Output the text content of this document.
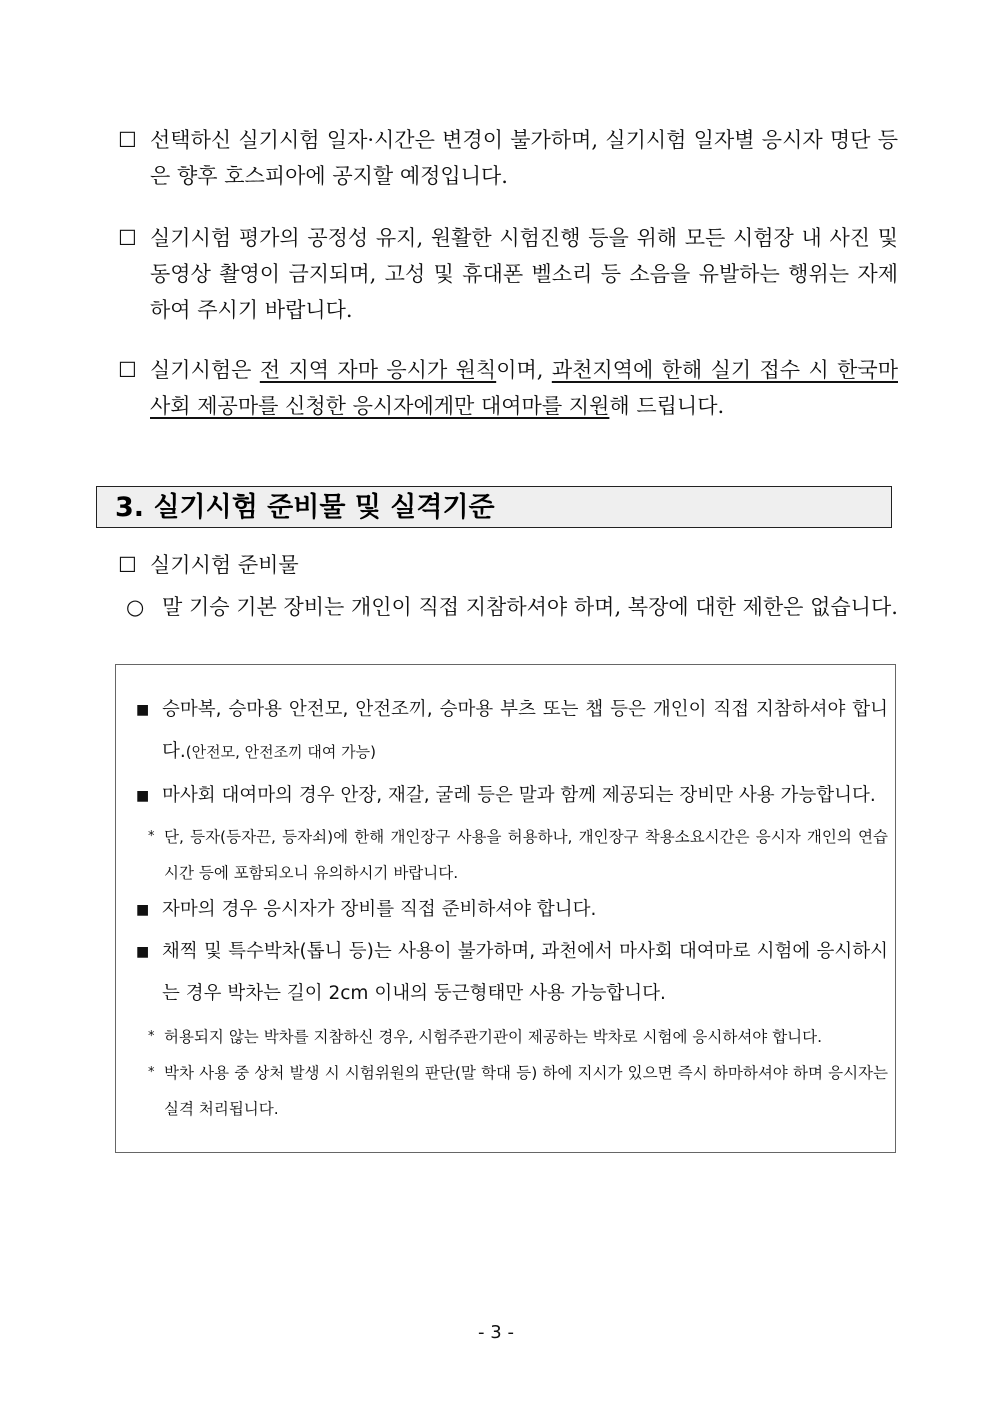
☐ 선택하신 실기시험 일자·시간은 변경이 불가하며, 실기시험 일자별 응시자 명단 등은 향후 호스피아에 공지할 예정입니다.
☐ 실기시험 평가의 공정성 유지, 원활한 시험진행 등을 위해 모든 시험장 내 사진 및 동영상 촬영이 금지되며, 고성 및 휴대폰 벨소리 등 소음을 유발하는 행위는 자제하여 주시기 바랍니다.
☐ 실기시험은 전 지역 자마 응시가 원칙이며, 과천지역에 한해 실기 접수 시 한국마사회 제공마를 신청한 응시자에게만 대여마를 지원해 드립니다.
3. 실기시험 준비물 및 실격기준
☐ 실기시험 준비물
○ 말 기승 기본 장비는 개인이 직접 지참하셔야 하며, 복장에 대한 제한은 없습니다.
■ 승마복, 승마용 안전모, 안전조끼, 승마용 부츠 또는 챕 등은 개인이 직접 지참하셔야 합니다.(안전모, 안전조끼 대여 가능)
■ 마사회 대여마의 경우 안장, 재갈, 굴레 등은 말과 함께 제공되는 장비만 사용 가능합니다.
* 단, 등자(등자끈, 등자쇠)에 한해 개인장구 사용을 허용하나, 개인장구 착용소요시간은 응시자 개인의 연습시간 등에 포함되오니 유의하시기 바랍니다.
■ 자마의 경우 응시자가 장비를 직접 준비하셔야 합니다.
■ 채찍 및 특수박차(톱니 등)는 사용이 불가하며, 과천에서 마사회 대여마로 시험에 응시하시는 경우 박차는 길이 2cm 이내의 둥근형태만 사용 가능합니다.
* 허용되지 않는 박차를 지참하신 경우, 시험주관기관이 제공하는 박차로 시험에 응시하셔야 합니다.
* 박차 사용 중 상처 발생 시 시험위원의 판단(말 학대 등) 하에 지시가 있으면 즉시 하마하셔야 하며 응시자는 실격 처리됩니다.
- 3 -
